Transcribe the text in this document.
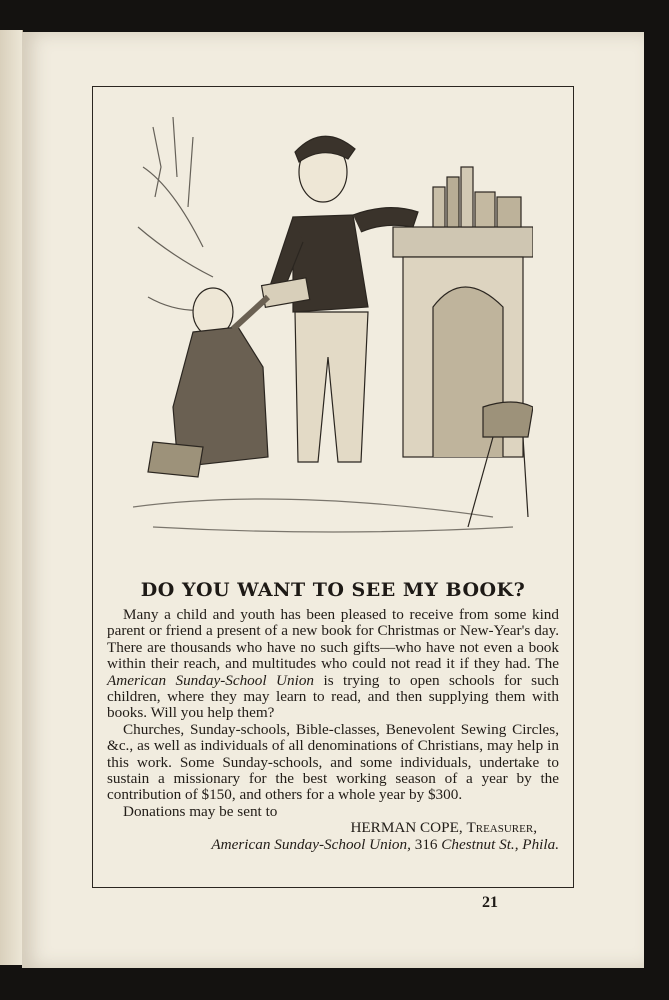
DO YOU WANT TO SEE MY BOOK?

Many a child and youth has been pleased to receive from some kind parent or friend a present of a new book for Christmas or New-Year's day. There are thousands who have no such gifts—who have not even a book within their reach, and multitudes who could not read it if they had. The American Sunday-School Union is trying to open schools for such children, where they may learn to read, and then supplying them with books. Will you help them?

Churches, Sunday-schools, Bible-classes, Benevolent Sewing Circles, &c., as well as individuals of all denominations of Christians, may help in this work. Some Sunday-schools, and some individuals, undertake to sustain a missionary for the best working season of a year by the contribution of $150, and others for a whole year by $300.

Donations may be sent to

HERMAN COPE, Treasurer,

American Sunday-School Union, 316 Chestnut St., Phila.

21
